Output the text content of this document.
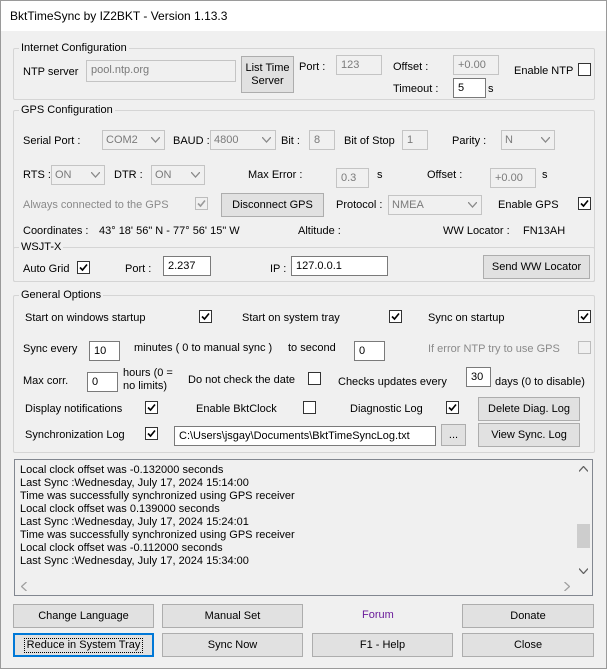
BktTimeSync by IZ2BKT - Version 1.13.3
Internet Configuration
NTP server	pool.ntp.org	List Time
Server
Port :	123	Offset :	+0.00
Timeout :	5	s
Enable NTP
GPS Configuration
Serial Port :	COM2	BAUD : 4800	Bit :	8	Bit of Stop	1	Parity :	N
RTS : ON	DTR :	ON	Max Error :	0.3	s	Offset :	+0.00	s
Always connected to the GPS	Disconnect GPS	Protocol : NMEA	Enable GPS
Coordinates : 43° 18' 56" N - 77° 56' 15" W	Altitude :	WW Locator : FN13AH
WSJT-X
Auto Grid	Port :	2.237	IP : 127.0.0.1	Send WW Locator
General Options
Start on windows startup	Start on system tray	Sync on startup
Sync every	10	minutes ( 0 to manual sync ) to second	0	If error NTP try to use GPS
Max corr.	0
hours (0 =
no limits)	Do not check the date	Checks updates every	30	days (0 to disable)
Display notifications	Enable BktClock	Diagnostic Log	Delete Diag. Log
Synchronization Log	C:\Users\jsgay\Documents\BktTimeSyncLog.txt	...	View Sync. Log
Local clock offset was -0.132000 seconds
Last Sync :Wednesday, July 17, 2024 15:14:00
Time was successfully synchronized using GPS receiver
Local clock offset was 0.139000 seconds
Last Sync :Wednesday, July 17, 2024 15:24:01
Time was successfully synchronized using GPS receiver
Local clock offset was -0.112000 seconds
Last Sync :Wednesday, July 17, 2024 15:34:00
Change Language	Manual Set	Forum	Donate
Reduce in System Tray	Sync Now	F1 - Help	Close
